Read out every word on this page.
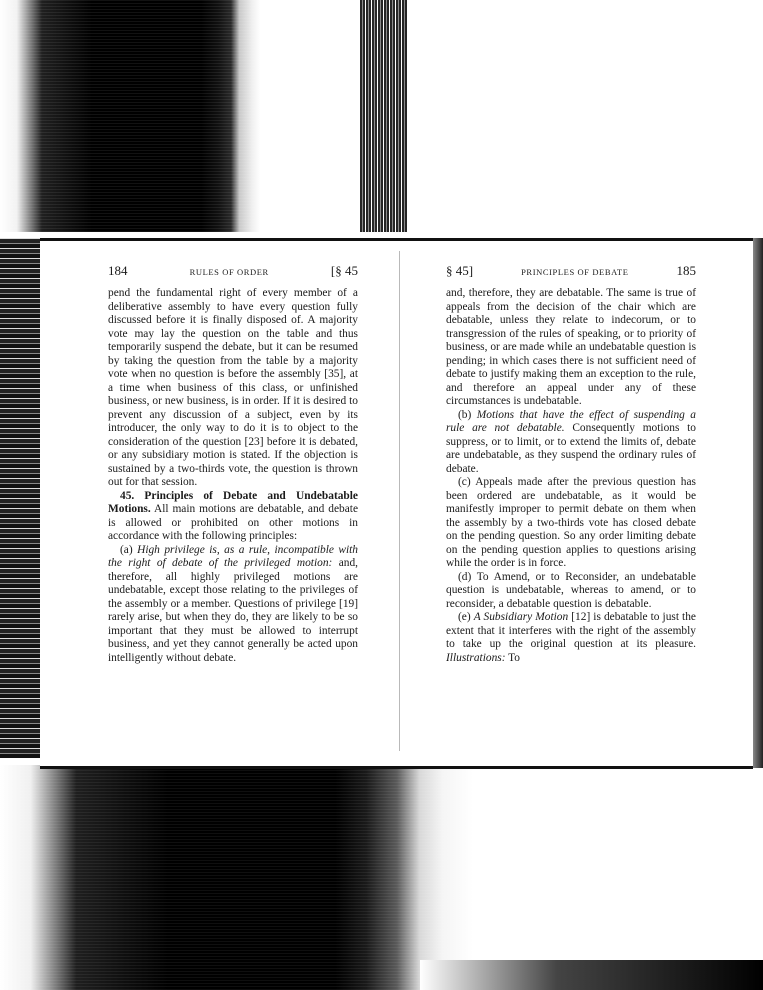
184	RULES OF ORDER	[§ 45

pend the fundamental right of every member of a deliberative assembly to have every question fully discussed before it is finally disposed of. A majority vote may lay the question on the table and thus temporarily suspend the debate, but it can be resumed by taking the question from the table by a majority vote when no question is before the assembly [35], at a time when business of this class, or unfinished business, or new business, is in order. If it is desired to prevent any discussion of a subject, even by its introducer, the only way to do it is to object to the consideration of the question [23] before it is debated, or any subsidiary motion is stated. If the objection is sustained by a two-thirds vote, the question is thrown out for that session.

45. Principles of Debate and Undebatable Motions. All main motions are debatable, and debate is allowed or prohibited on other motions in accordance with the following principles:

(a) High privilege is, as a rule, incompatible with the right of debate of the privileged motion: and, therefore, all highly privileged motions are undebatable, except those relating to the privileges of the assembly or a member. Questions of privilege [19] rarely arise, but when they do, they are likely to be so important that they must be allowed to interrupt business, and yet they cannot generally be acted upon intelligently without debate.

§ 45]	PRINCIPLES OF DEBATE	185

and, therefore, they are debatable. The same is true of appeals from the decision of the chair which are debatable, unless they relate to indecorum, or to transgression of the rules of speaking, or to priority of business, or are made while an undebatable question is pending; in which cases there is not sufficient need of debate to justify making them an exception to the rule, and therefore an appeal under any of these circumstances is undebatable.

(b) Motions that have the effect of suspending a rule are not debatable. Consequently motions to suppress, or to limit, or to extend the limits of, debate are undebatable, as they suspend the ordinary rules of debate.

(c) Appeals made after the previous question has been ordered are undebatable, as it would be manifestly improper to permit debate on them when the assembly by a two-thirds vote has closed debate on the pending question. So any order limiting debate on the pending question applies to questions arising while the order is in force.

(d) To Amend, or to Reconsider, an undebatable question is undebatable, whereas to amend, or to reconsider, a debatable question is debatable.

(e) A Subsidiary Motion [12] is debatable to just the extent that it interferes with the right of the assembly to take up the original question at its pleasure. Illustrations: To
